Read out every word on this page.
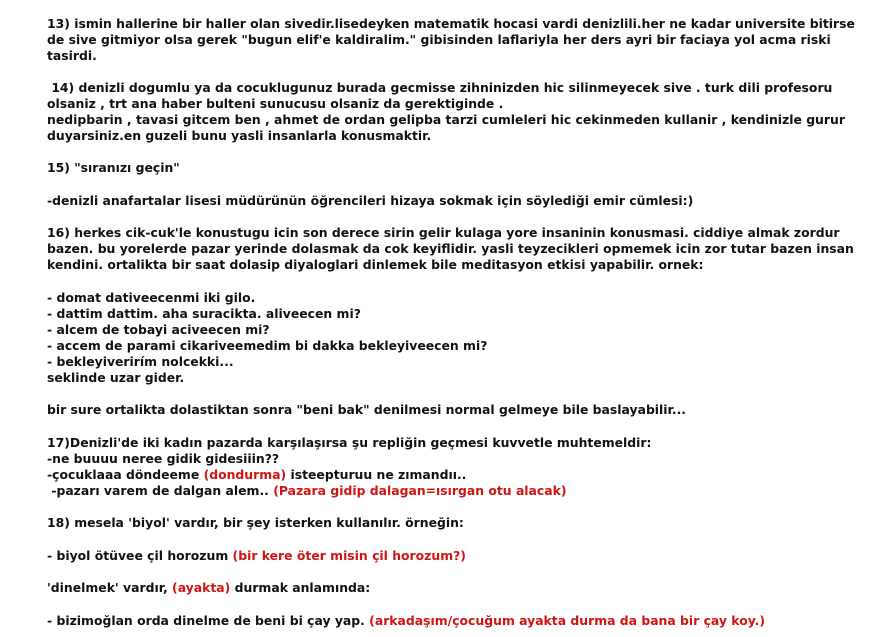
13) ismin hallerine bir haller olan sivedir.lisedeyken matematik hocasi vardi denizlili.her ne kadar universite bitirse
de sive gitmiyor olsa gerek "bugun elif'e kaldiralim." gibisinden laflariyla her ders ayri bir faciaya yol acma riski
tasirdi.
14) denizli dogumlu ya da cocuklugunuz burada gecmisse zihninizden hic silinmeyecek sive . turk dili profesoru
olsaniz , trt ana haber bulteni sunucusu olsaniz da gerektiginde .
nedipbarin , tavasi gitcem ben , ahmet de ordan gelipba tarzi cumleleri hic cekinmeden kullanir , kendinizle gurur
duyarsiniz.en guzeli bunu yasli insanlarla konusmaktir.
15) "sıranızı geçin"
-denizli anafartalar lisesi müdürünün öğrencileri hizaya sokmak için söylediği emir cümlesi:)
16) herkes cik-cuk'le konustugu icin son derece sirin gelir kulaga yore insaninin konusmasi. ciddiye almak zordur
bazen. bu yorelerde pazar yerinde dolasmak da cok keyiflidir. yasli teyzecikleri opmemek icin zor tutar bazen insan
kendini. ortalikta bir saat dolasip diyaloglari dinlemek bile meditasyon etkisi yapabilir. ornek:
- domat dativeecenmi iki gilo.
- dattim dattim. aha suracikta. aliveecen mi?
- alcem de tobayi aciveecen mi?
- accem de parami cikariveemedim bi dakka bekleyiveecen mi?
- bekleyiverirím nolcekki...
seklinde uzar gider.
bir sure ortalikta dolastiktan sonra "beni bak" denilmesi normal gelmeye bile baslayabilir...
17)Denizli'de iki kadın pazarda karşılaşırsa şu repliğin geçmesi kuvvetle muhtemeldir:
-ne buuuu neree gidik gidesiiin??
-çocuklaaa döndeeme (dondurma) isteepturuu ne zımandıı..
-pazarı varem de dalgan alem.. (Pazara gidip dalagan=ısırgan otu alacak)
18) mesela 'biyol' vardır, bir şey isterken kullanılır. örneğin:
- biyol ötüvee çil horozum (bir kere öter misin çil horozum?)
'dinelmek' vardır, (ayakta) durmak anlamında:
- bizimoğlan orda dinelme de beni bi çay yap. (arkadaşım/çocuğum ayakta durma da bana bir çay koy.)
